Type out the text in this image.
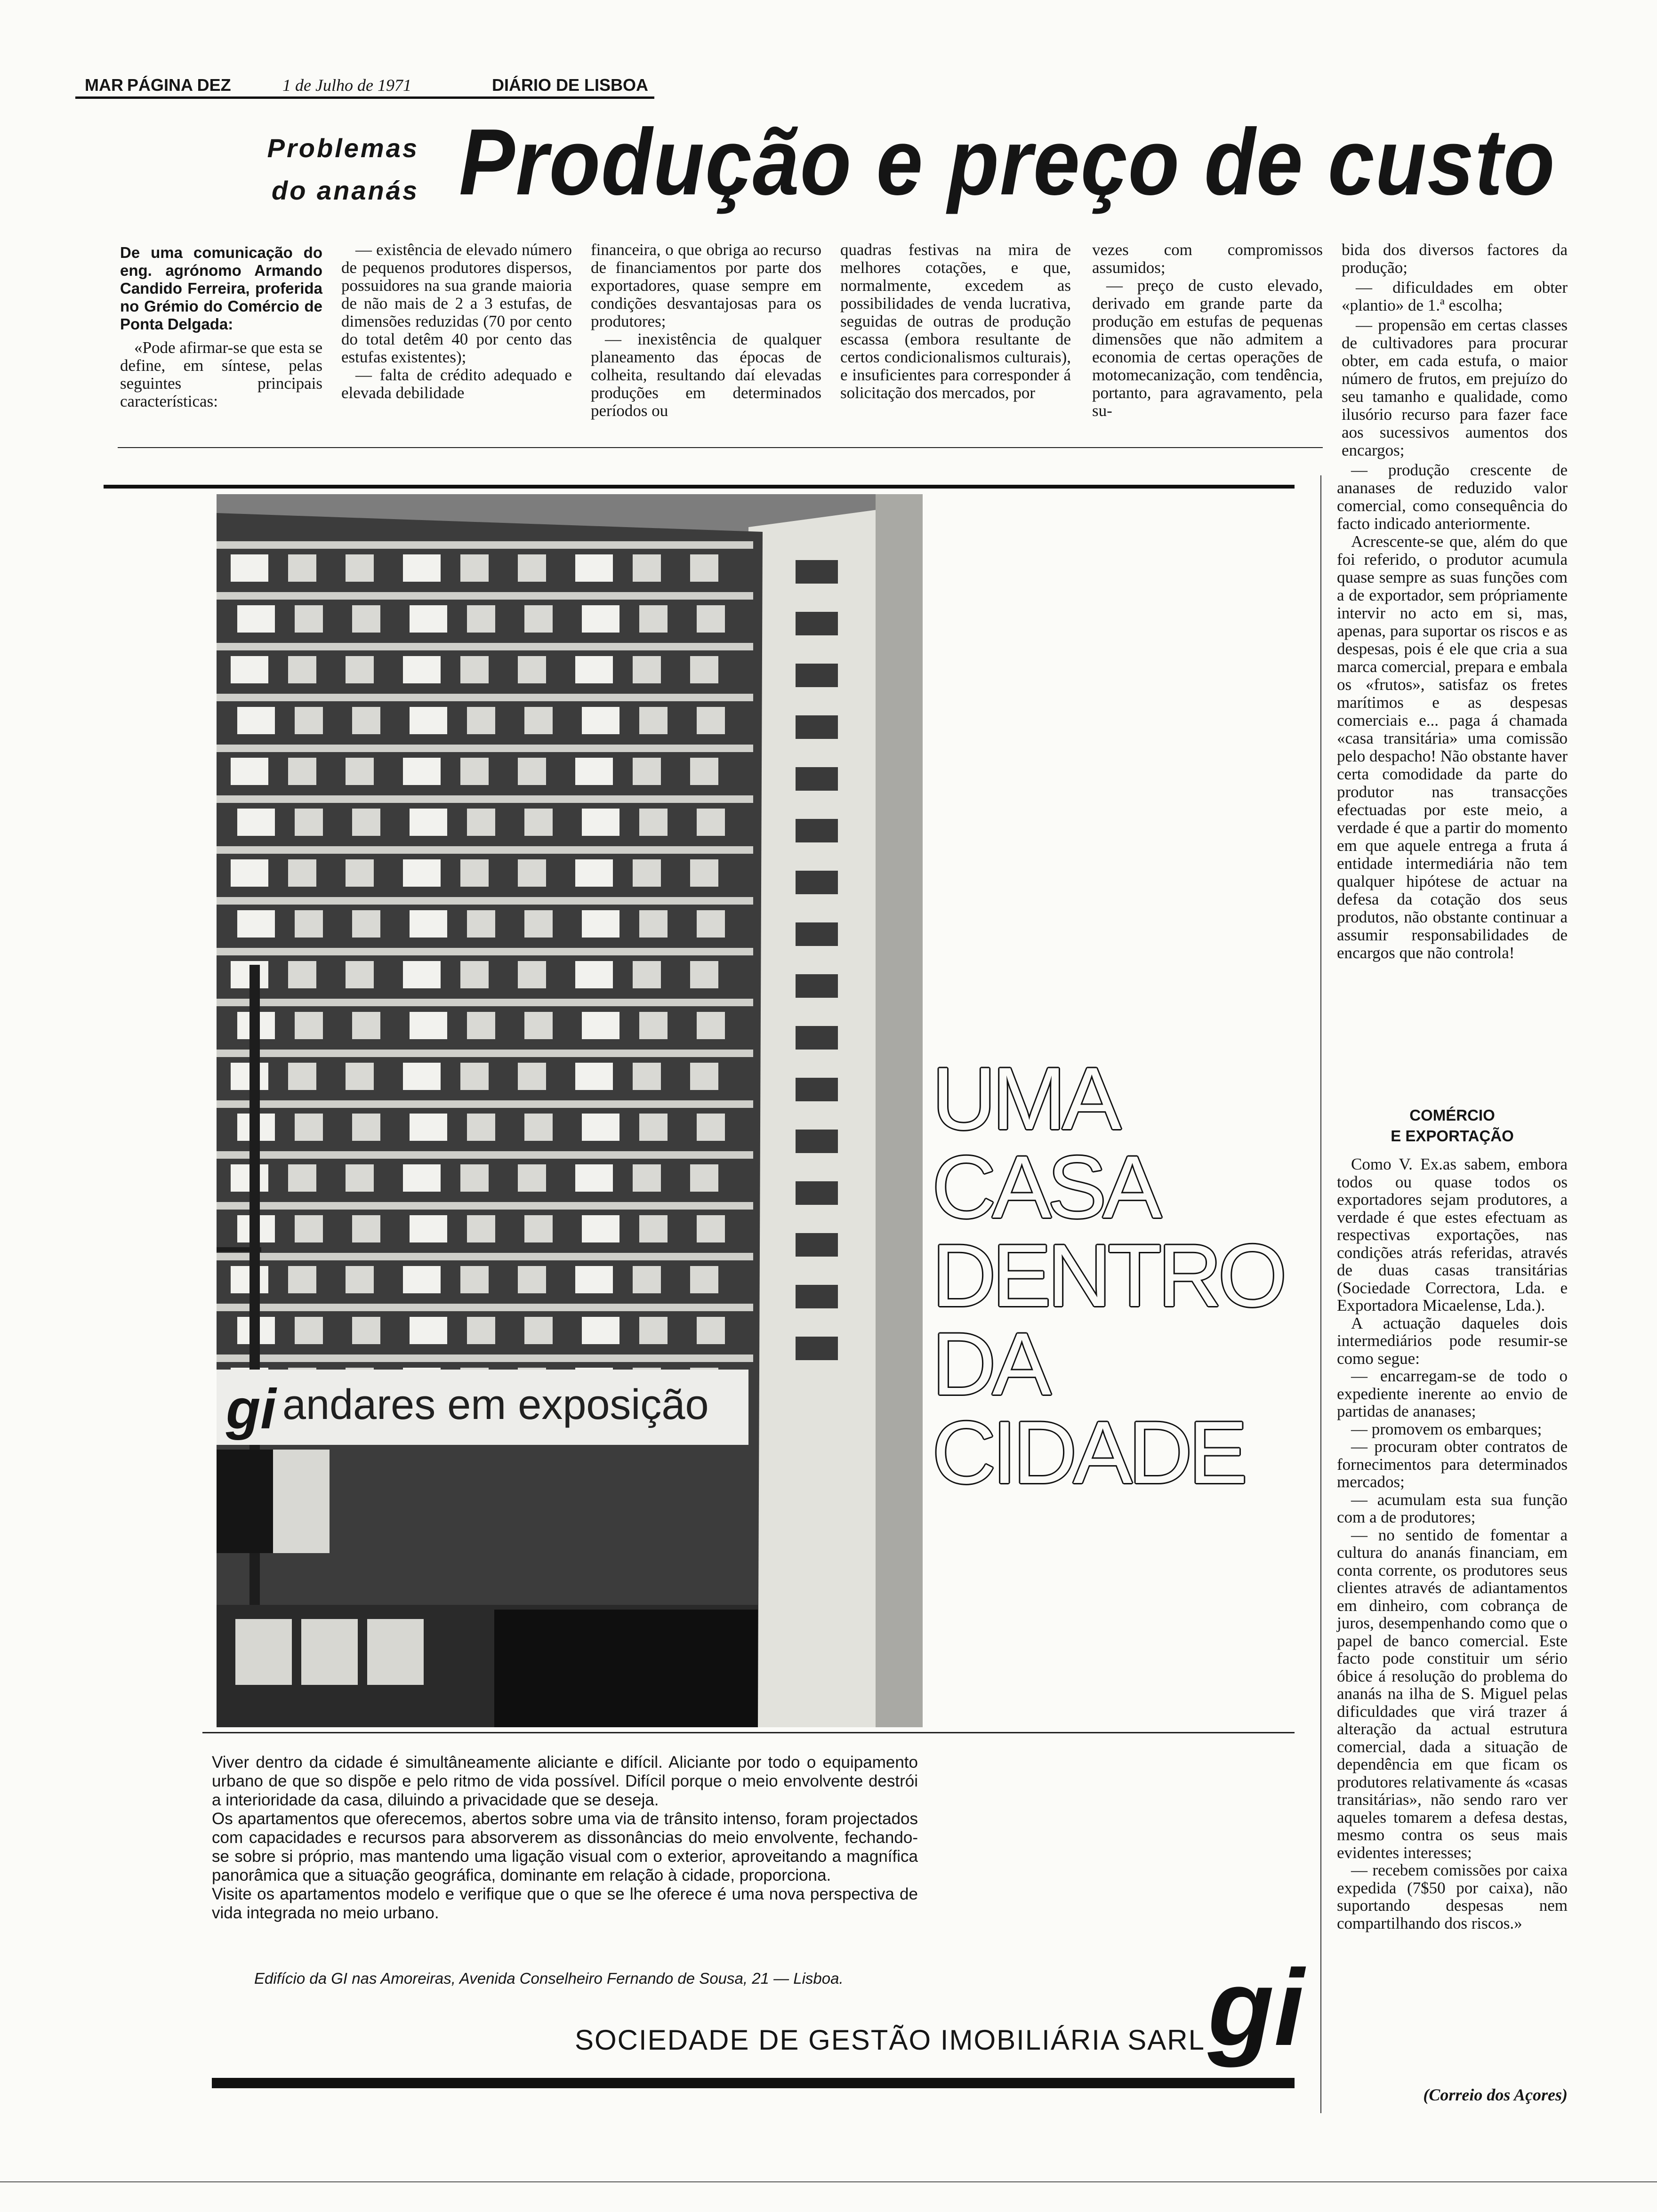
MAR PÁGINA DEZ	1 de Julho de 1971	DIÁRIO DE LISBOA
Problemas
do ananás Produção e preço de custo

De uma comunicação do eng. agrónomo Armando Candido Ferreira, proferida no Grémio do Comércio de Ponta Delgada:

«Pode afirmar-se que esta se define, em síntese, pelas seguintes principais características:

— existência de elevado número de pequenos produtores dispersos, possuidores na sua grande maioria de não mais de 2 a 3 estufas, de dimensões reduzidas (70 por cento do total detêm 40 por cento das estufas existentes);

— falta de crédito adequado e elevada debilidade

financeira, o que obriga ao recurso de financiamentos por parte dos exportadores, quase sempre em condições desvantajosas para os produtores;

— inexistência de qualquer planeamento das épocas de colheita, resultando daí elevadas produções em determinados períodos ou

quadras festivas na mira de melhores cotações, e que, normalmente, excedem as possibilidades de venda lucrativa, seguidas de outras de produção escassa (embora resultante de certos condicionalismos culturais), e insuficientes para corresponder á solicitação dos mercados, por

vezes com compromissos assumidos;

— preço de custo elevado, derivado em grande parte da produção em estufas de pequenas dimensões que não admitem a economia de certas operações de motomecanização, com tendência, portanto, para agravamento, pela su-

bida dos diversos factores da produção;

— dificuldades em obter «plantio» de 1.ª escolha;

— propensão em certas classes de cultivadores para procurar obter, em cada estufa, o maior número de frutos, em prejuízo do seu tamanho e qualidade, como ilusório recurso para fazer face aos sucessivos aumentos dos encargos;

gi andares em exposição
UMA
CASA
DENTRO
DA
CIDADE

Viver dentro da cidade é simultâneamente aliciante e difícil. Aliciante por todo o equipamento urbano de que so dispõe e pelo ritmo de vida possível. Difícil porque o meio envolvente destrói a interioridade da casa, diluindo a privacidade que se deseja.

Os apartamentos que oferecemos, abertos sobre uma via de trânsito intenso, foram projectados com capacidades e recursos para absorverem as dissonâncias do meio envolvente, fechando-se sobre si próprio, mas mantendo uma ligação visual com o exterior, aproveitando a magnífica panorâmica que a situação geográfica, dominante em relação à cidade, proporciona.

Visite os apartamentos modelo e verifique que o que se lhe oferece é uma nova perspectiva de vida integrada no meio urbano.

Edifício da GI nas Amoreiras, Avenida Conselheiro Fernando de Sousa, 21 — Lisboa.
SOCIEDADE DE GESTÃO IMOBILIÁRIA SARL gi

— produção crescente de ananases de reduzido valor comercial, como consequência do facto indicado anteriormente.

Acrescente-se que, além do que foi referido, o produtor acumula quase sempre as suas funções com a de exportador, sem própriamente intervir no acto em si, mas, apenas, para suportar os riscos e as despesas, pois é ele que cria a sua marca comercial, prepara e embala os «frutos», satisfaz os fretes marítimos e as despesas comerciais e... paga á chamada «casa transitária» uma comissão pelo despacho! Não obstante haver certa comodidade da parte do produtor nas transacções efectuadas por este meio, a verdade é que a partir do momento em que aquele entrega a fruta á entidade intermediária não tem qualquer hipótese de actuar na defesa da cotação dos seus produtos, não obstante continuar a assumir responsabilidades de encargos que não controla!

COMÉRCIO
E EXPORTAÇÃO

Como V. Ex.as sabem, embora todos ou quase todos os exportadores sejam produtores, a verdade é que estes efectuam as respectivas exportações, nas condições atrás referidas, através de duas casas transitárias (Sociedade Correctora, Lda. e Exportadora Micaelense, Lda.).

A actuação daqueles dois intermediários pode resumir-se como segue:

— encarregam-se de todo o expediente inerente ao envio de partidas de ananases;

— promovem os embarques;

— procuram obter contratos de fornecimentos para determinados mercados;

— acumulam esta sua função com a de produtores;

— no sentido de fomentar a cultura do ananás financiam, em conta corrente, os produtores seus clientes através de adiantamentos em dinheiro, com cobrança de juros, desempenhando como que o papel de banco comercial. Este facto pode constituir um sério óbice á resolução do problema do ananás na ilha de S. Miguel pelas dificuldades que virá trazer á alteração da actual estrutura comercial, dada a situação de dependência em que ficam os produtores relativamente ás «casas transitárias», não sendo raro ver aqueles tomarem a defesa destas, mesmo contra os seus mais evidentes interesses;

— recebem comissões por caixa expedida (7$50 por caixa), não suportando despesas nem compartilhando dos riscos.»

(Correio dos Açores)
